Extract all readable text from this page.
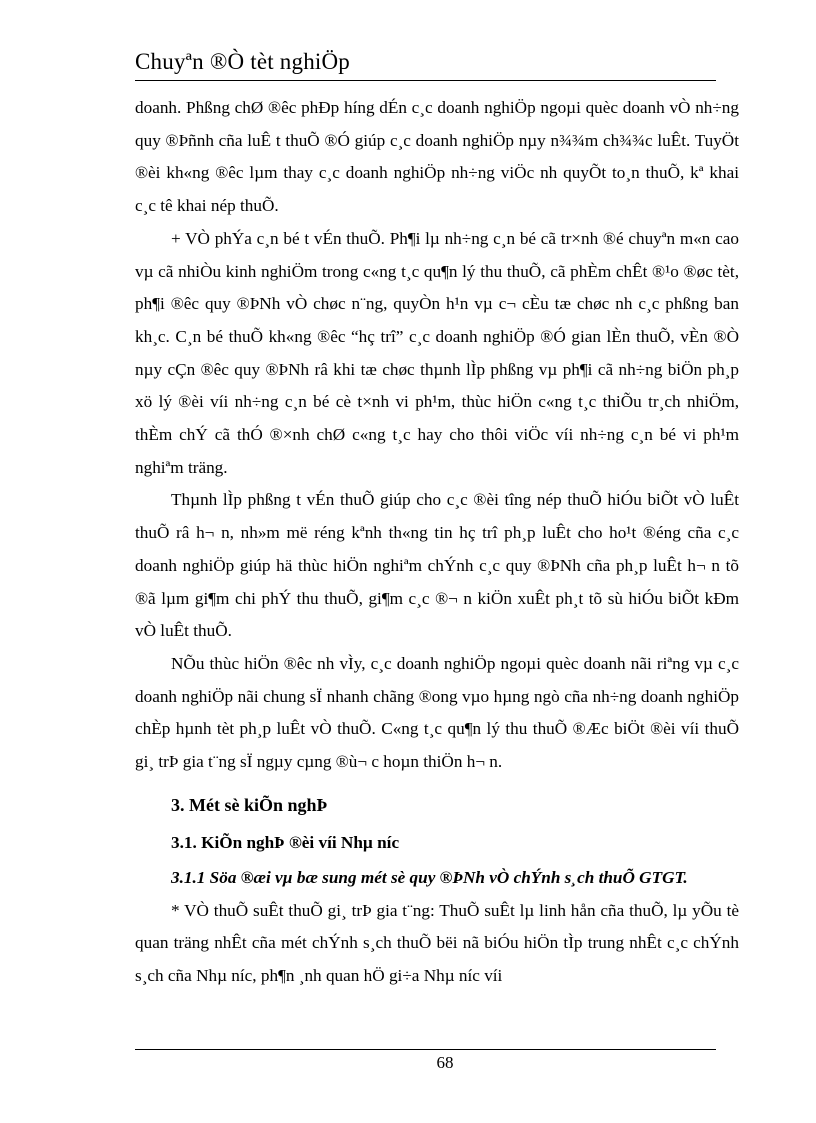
Chuyªn ®Ò tèt nghiÖp

doanh. Phßng chØ ®êc phÐp híng dÉn c¸c doanh nghiÖp ngoµi quèc doanh vÒ nh÷ng quy ®Þñnh cña luÊ t thuÕ ®Ó giúp c¸c doanh nghiÖp nµy n¾¾m ch¾¾c luÊt. TuyÖt ®èi kh«ng ®êc lµm thay c¸c doanh nghiÖp nh÷ng viÖc nh quyÕt to¸n thuÕ, kª khai c¸c tê khai nép thuÕ.

+ VÒ phÝa c¸n bé t vÉn thuÕ. Ph¶i lµ nh÷ng c¸n bé cã tr×nh ®é chuyªn m«n cao vµ cã nhiÒu kinh nghiÖm trong c«ng t¸c qu¶n lý thu thuÕ, cã phÈm chÊt ®¹o ®øc tèt, ph¶i ®êc quy ®ÞNh vÒ chøc n¨ng, quyÒn h¹n vµ c¬ cÈu tæ chøc nh c¸c phßng ban kh¸c. C¸n bé thuÕ kh«ng ®êc “hç trî” c¸c doanh nghiÖp ®Ó gian lÈn thuÕ, vÈn ®Ò nµy cÇn ®êc quy ®ÞNh râ khi tæ chøc thµnh lÌp phßng vµ ph¶i cã nh÷ng biÖn ph¸p xö lý ®èi víi nh÷ng c¸n bé cè t×nh vi ph¹m, thùc hiÖn c«ng t¸c thiÕu tr¸ch nhiÖm, thÈm chÝ cã thÓ ®×nh chØ c«ng t¸c hay cho thôi viÖc víi nh÷ng c¸n bé vi ph¹m nghiªm träng.

Thµnh lÌp phßng t vÉn thuÕ giúp cho c¸c ®èi tîng nép thuÕ hiÓu biÕt vÒ luÊt thuÕ râ h¬ n, nh»m më réng kªnh th«ng tin hç trî ph¸p luÊt cho ho¹t ®éng cña c¸c doanh nghiÖp giúp hä thùc hiÖn nghiªm chÝnh c¸c quy ®ÞNh cña ph¸p luÊt h¬ n tõ ®ã lµm gi¶m chi phÝ thu thuÕ, gi¶m c¸c ®¬ n kiÖn xuÊt ph¸t tõ sù hiÓu biÕt kÐm vÒ luÊt thuÕ.

NÕu thùc hiÖn ®êc nh vÌy, c¸c doanh nghiÖp ngoµi quèc doanh nãi riªng vµ c¸c doanh nghiÖp nãi chung sÏ nhanh chãng ®ong vµo hµng ngò cña nh÷ng doanh nghiÖp chÈp hµnh tèt ph¸p luÊt vÒ thuÕ. C«ng t¸c qu¶n lý thu thuÕ ®Æc biÖt ®èi víi thuÕ gi¸ trÞ gia t¨ng sÏ ngµy cµng ®ù¬ c hoµn thiÖn h¬ n.

3. Mét sè kiÕn nghÞ
3.1. KiÕn nghÞ ®èi víi Nhµ níc

3.1.1 Söa ®æi vµ bæ sung mét sè quy ®ÞNh vÒ chÝnh s¸ch thuÕ GTGT.

* VÒ thuÕ suÊt thuÕ gi¸ trÞ gia t¨ng: ThuÕ suÊt lµ linh hån cña thuÕ, lµ yÕu tè quan träng nhÊt cña mét chÝnh s¸ch thuÕ bëi nã biÓu hiÖn tÌp trung nhÊt c¸c chÝnh s¸ch cña Nhµ níc, ph¶n ¸nh quan hÖ gi÷a Nhµ níc víi

68
